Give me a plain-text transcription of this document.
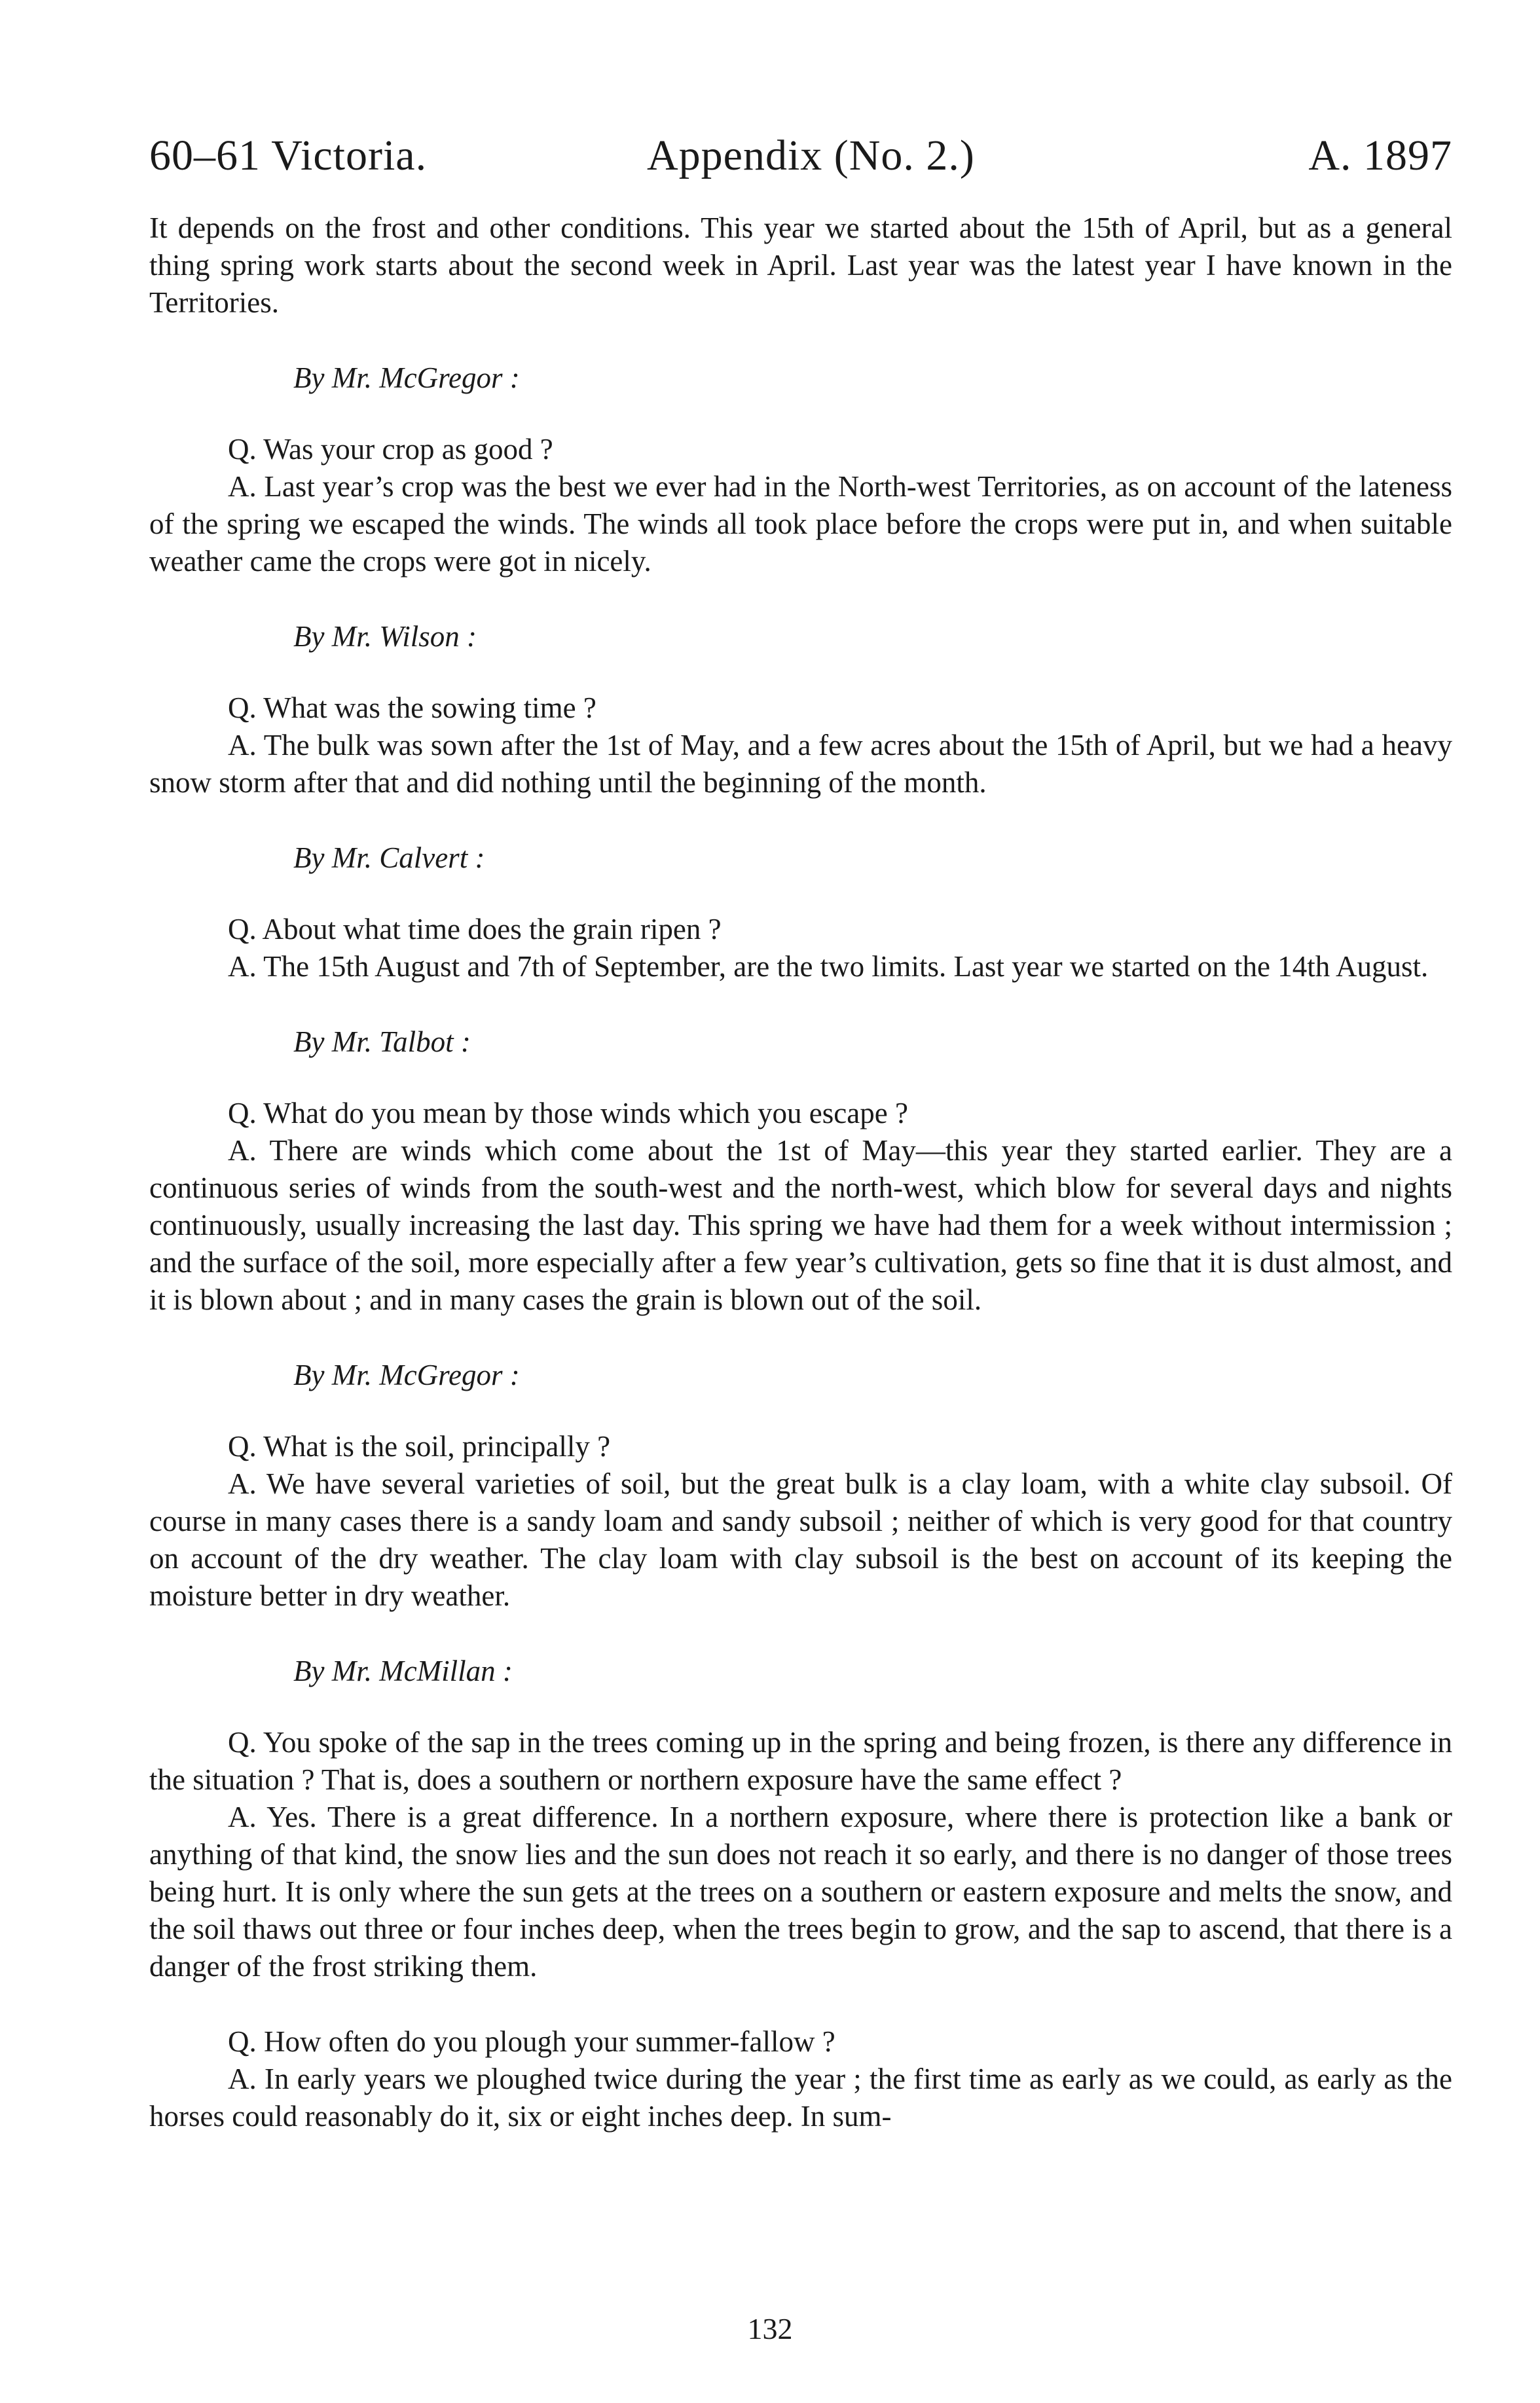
60–61 Victoria.	Appendix (No. 2.)	A. 1897

It depends on the frost and other conditions. This year we started about the 15th of April, but as a general thing spring work starts about the second week in April. Last year was the latest year I have known in the Territories.

By Mr. McGregor :

Q. Was your crop as good ?

A. Last year’s crop was the best we ever had in the North-west Territories, as on account of the lateness of the spring we escaped the winds. The winds all took place before the crops were put in, and when suitable weather came the crops were got in nicely.

By Mr. Wilson :

Q. What was the sowing time ?

A. The bulk was sown after the 1st of May, and a few acres about the 15th of April, but we had a heavy snow storm after that and did nothing until the beginning of the month.

By Mr. Calvert :

Q. About what time does the grain ripen ?

A. The 15th August and 7th of September, are the two limits. Last year we started on the 14th August.

By Mr. Talbot :

Q. What do you mean by those winds which you escape ?

A. There are winds which come about the 1st of May—this year they started earlier. They are a continuous series of winds from the south-west and the north-west, which blow for several days and nights continuously, usually increasing the last day. This spring we have had them for a week without intermission ; and the surface of the soil, more especially after a few year’s cultivation, gets so fine that it is dust almost, and it is blown about ; and in many cases the grain is blown out of the soil.

By Mr. McGregor :

Q. What is the soil, principally ?

A. We have several varieties of soil, but the great bulk is a clay loam, with a white clay subsoil. Of course in many cases there is a sandy loam and sandy subsoil ; neither of which is very good for that country on account of the dry weather. The clay loam with clay subsoil is the best on account of its keeping the moisture better in dry weather.

By Mr. McMillan :

Q. You spoke of the sap in the trees coming up in the spring and being frozen, is there any difference in the situation ? That is, does a southern or northern exposure have the same effect ?

A. Yes. There is a great difference. In a northern exposure, where there is protection like a bank or anything of that kind, the snow lies and the sun does not reach it so early, and there is no danger of those trees being hurt. It is only where the sun gets at the trees on a southern or eastern exposure and melts the snow, and the soil thaws out three or four inches deep, when the trees begin to grow, and the sap to ascend, that there is a danger of the frost striking them.

Q. How often do you plough your summer-fallow ?

A. In early years we ploughed twice during the year ; the first time as early as we could, as early as the horses could reasonably do it, six or eight inches deep. In sum-

132
